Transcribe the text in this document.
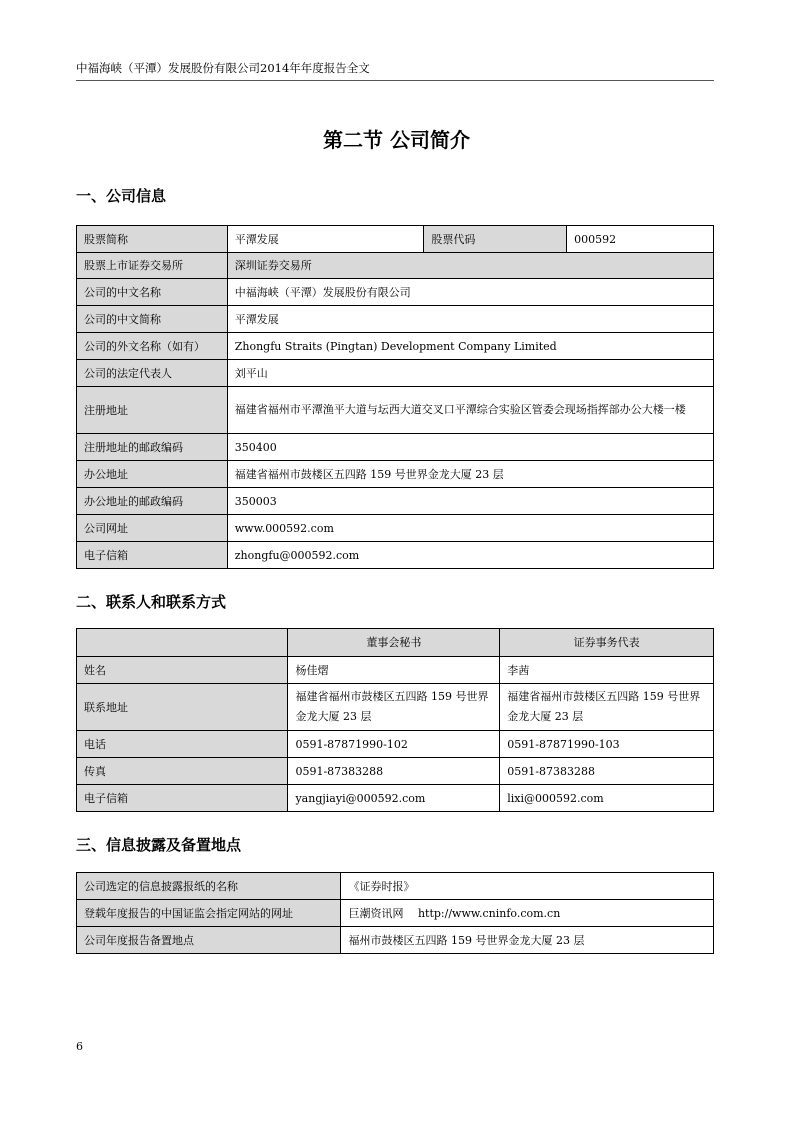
中福海峡（平潭）发展股份有限公司2014年年度报告全文
第二节 公司简介
一、公司信息
股票简称	平潭发展	股票代码	000592
股票上市证券交易所	深圳证券交易所		
公司的中文名称	中福海峡（平潭）发展股份有限公司		
公司的中文简称	平潭发展		
公司的外文名称（如有）	Zhongfu Straits (Pingtan) Development Company Limited		
公司的法定代表人	刘平山		
注册地址	福建省福州市平潭渔平大道与坛西大道交叉口平潭综合实验区管委会现场指挥部办公大楼一楼		
注册地址的邮政编码	350400		
办公地址	福建省福州市鼓楼区五四路 159 号世界金龙大厦 23 层		
办公地址的邮政编码	350003		
公司网址	www.000592.com		
电子信箱	zhongfu@000592.com		
二、联系人和联系方式
	董事会秘书	证券事务代表
姓名	杨佳熠	李茜
联系地址	福建省福州市鼓楼区五四路 159 号世界金龙大厦 23 层	福建省福州市鼓楼区五四路 159 号世界金龙大厦 23 层
电话	0591-87871990-102	0591-87871990-103
传真	0591-87383288	0591-87383288
电子信箱	yangjiayi@000592.com	lixi@000592.com
三、信息披露及备置地点
公司选定的信息披露报纸的名称	《证券时报》
登载年度报告的中国证监会指定网站的网址	巨潮资讯网　 http://www.cninfo.com.cn
公司年度报告备置地点	福州市鼓楼区五四路 159 号世界金龙大厦 23 层
6
